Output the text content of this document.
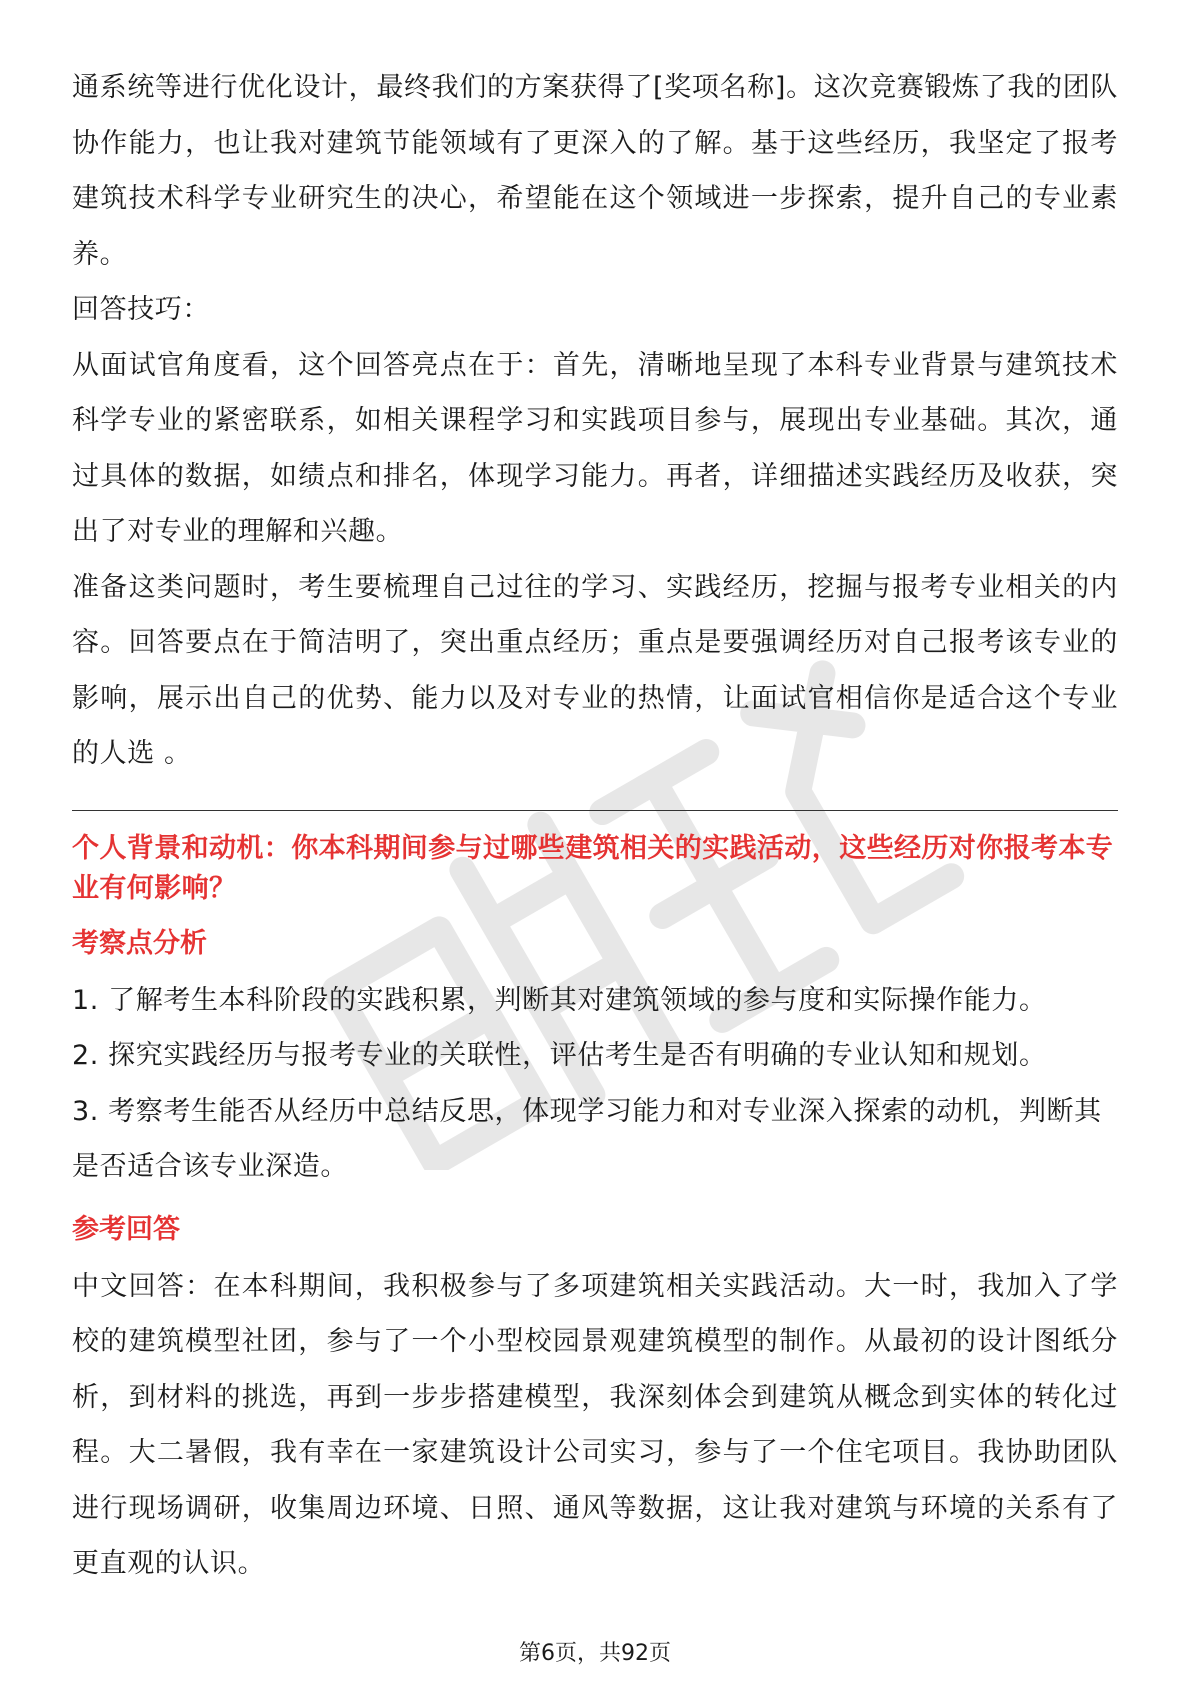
通系统等进行优化设计，最终我们的方案获得了[奖项名称]。这次竞赛锻炼了我的团队协作能力，也让我对建筑节能领域有了更深入的了解。基于这些经历，我坚定了报考建筑技术科学专业研究生的决心，希望能在这个领域进一步探索，提升自己的专业素养。

回答技巧：

从面试官角度看，这个回答亮点在于：首先，清晰地呈现了本科专业背景与建筑技术科学专业的紧密联系，如相关课程学习和实践项目参与，展现出专业基础。其次，通过具体的数据，如绩点和排名，体现学习能力。再者，详细描述实践经历及收获，突出了对专业的理解和兴趣。

准备这类问题时，考生要梳理自己过往的学习、实践经历，挖掘与报考专业相关的内容。回答要点在于简洁明了，突出重点经历；重点是要强调经历对自己报考该专业的影响，展示出自己的优势、能力以及对专业的热情，让面试官相信你是适合这个专业的人选 。

个人背景和动机：你本科期间参与过哪些建筑相关的实践活动，这些经历对你报考本专业有何影响？

考察点分析

1. 了解考生本科阶段的实践积累，判断其对建筑领域的参与度和实际操作能力。

2. 探究实践经历与报考专业的关联性，评估考生是否有明确的专业认知和规划。

3. 考察考生能否从经历中总结反思，体现学习能力和对专业深入探索的动机，判断其是否适合该专业深造。

参考回答

中文回答：在本科期间，我积极参与了多项建筑相关实践活动。大一时，我加入了学校的建筑模型社团，参与了一个小型校园景观建筑模型的制作。从最初的设计图纸分析，到材料的挑选，再到一步步搭建模型，我深刻体会到建筑从概念到实体的转化过程。大二暑假，我有幸在一家建筑设计公司实习，参与了一个住宅项目。我协助团队进行现场调研，收集周边环境、日照、通风等数据，这让我对建筑与环境的关系有了更直观的认识。

第6页，共92页
